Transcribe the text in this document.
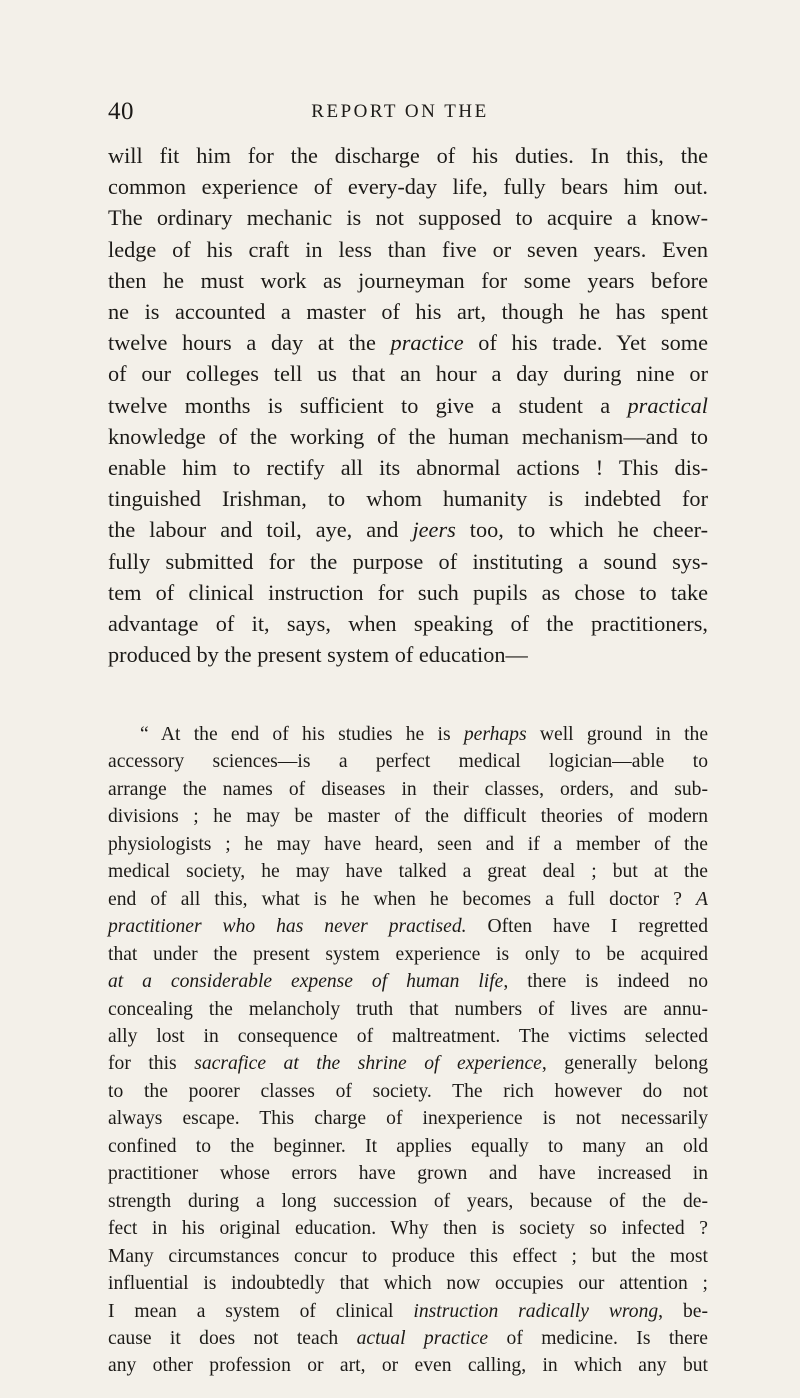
40	REPORT ON THE
will fit him for the discharge of his duties. In this, the
common experience of every-day life, fully bears him out.
The ordinary mechanic is not supposed to acquire a know-
ledge of his craft in less than five or seven years. Even
then he must work as journeyman for some years before
ne is accounted a master of his art, though he has spent
twelve hours a day at the practice of his trade. Yet some
of our colleges tell us that an hour a day during nine or
twelve months is sufficient to give a student a practical
knowledge of the working of the human mechanism—and to
enable him to rectify all its abnormal actions ! This dis-
tinguished Irishman, to whom humanity is indebted for
the labour and toil, aye, and jeers too, to which he cheer-
fully submitted for the purpose of instituting a sound sys-
tem of clinical instruction for such pupils as chose to take
advantage of it, says, when speaking of the practitioners,
produced by the present system of education—
“ At the end of his studies he is perhaps well ground in the
accessory sciences—is a perfect medical logician—able to
arrange the names of diseases in their classes, orders, and sub-
divisions ; he may be master of the difficult theories of modern
physiologists ; he may have heard, seen and if a member of the
medical society, he may have talked a great deal ; but at the
end of all this, what is he when he becomes a full doctor ? A
practitioner who has never practised. Often have I regretted
that under the present system experience is only to be acquired
at a considerable expense of human life, there is indeed no
concealing the melancholy truth that numbers of lives are annu-
ally lost in consequence of maltreatment. The victims selected
for this sacrafice at the shrine of experience, generally belong
to the poorer classes of society. The rich however do not
always escape. This charge of inexperience is not necessarily
confined to the beginner. It applies equally to many an old
practitioner whose errors have grown and have increased in
strength during a long succession of years, because of the de-
fect in his original education. Why then is society so infected ?
Many circumstances concur to produce this effect ; but the most
influential is indoubtedly that which now occupies our attention ;
I mean a system of clinical instruction radically wrong, be-
cause it does not teach actual practice of medicine. Is there
any other profession or art, or even calling, in which any but
